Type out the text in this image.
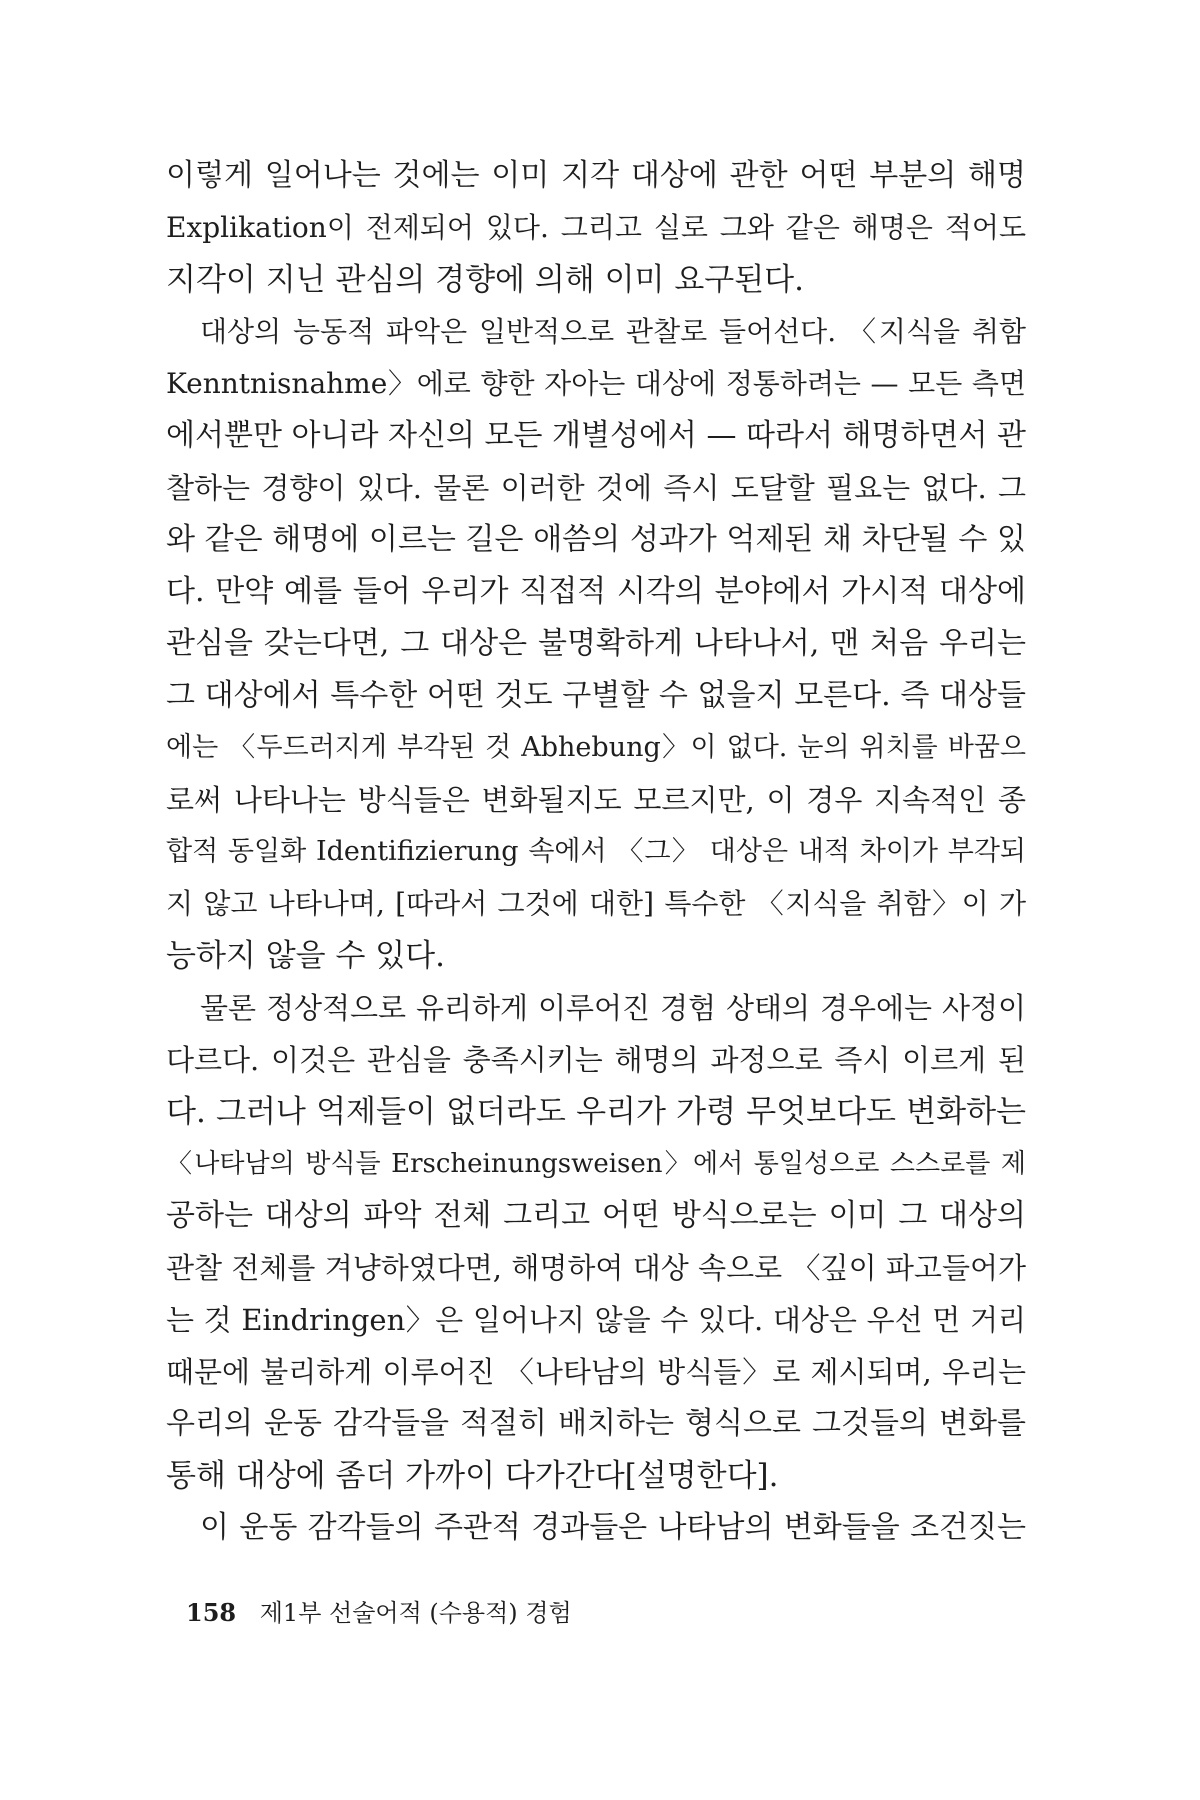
이렇게 일어나는 것에는 이미 지각 대상에 관한 어떤 부분의 해명
Explikation이 전제되어 있다. 그리고 실로 그와 같은 해명은 적어도
지각이 지닌 관심의 경향에 의해 이미 요구된다.
대상의 능동적 파악은 일반적으로 관찰로 들어선다. 〈지식을 취함
Kenntnisnahme〉에로 향한 자아는 대상에 정통하려는 — 모든 측면
에서뿐만 아니라 자신의 모든 개별성에서 — 따라서 해명하면서 관
찰하는 경향이 있다. 물론 이러한 것에 즉시 도달할 필요는 없다. 그
와 같은 해명에 이르는 길은 애씀의 성과가 억제된 채 차단될 수 있
다. 만약 예를 들어 우리가 직접적 시각의 분야에서 가시적 대상에
관심을 갖는다면, 그 대상은 불명확하게 나타나서, 맨 처음 우리는
그 대상에서 특수한 어떤 것도 구별할 수 없을지 모른다. 즉 대상들
에는 〈두드러지게 부각된 것 Abhebung〉이 없다. 눈의 위치를 바꿈으
로써 나타나는 방식들은 변화될지도 모르지만, 이 경우 지속적인 종
합적 동일화 Identifizierung 속에서 〈그〉 대상은 내적 차이가 부각되
지 않고 나타나며, [따라서 그것에 대한] 특수한 〈지식을 취함〉이 가
능하지 않을 수 있다.
물론 정상적으로 유리하게 이루어진 경험 상태의 경우에는 사정이
다르다. 이것은 관심을 충족시키는 해명의 과정으로 즉시 이르게 된
다. 그러나 억제들이 없더라도 우리가 가령 무엇보다도 변화하는
〈나타남의 방식들 Erscheinungsweisen〉에서 통일성으로 스스로를 제
공하는 대상의 파악 전체 그리고 어떤 방식으로는 이미 그 대상의
관찰 전체를 겨냥하였다면, 해명하여 대상 속으로 〈깊이 파고들어가
는 것 Eindringen〉은 일어나지 않을 수 있다. 대상은 우선 먼 거리
때문에 불리하게 이루어진 〈나타남의 방식들〉로 제시되며, 우리는
우리의 운동 감각들을 적절히 배치하는 형식으로 그것들의 변화를
통해 대상에 좀더 가까이 다가간다[설명한다].
이 운동 감각들의 주관적 경과들은 나타남의 변화들을 조건짓는
158 제1부 선술어적 (수용적) 경험
